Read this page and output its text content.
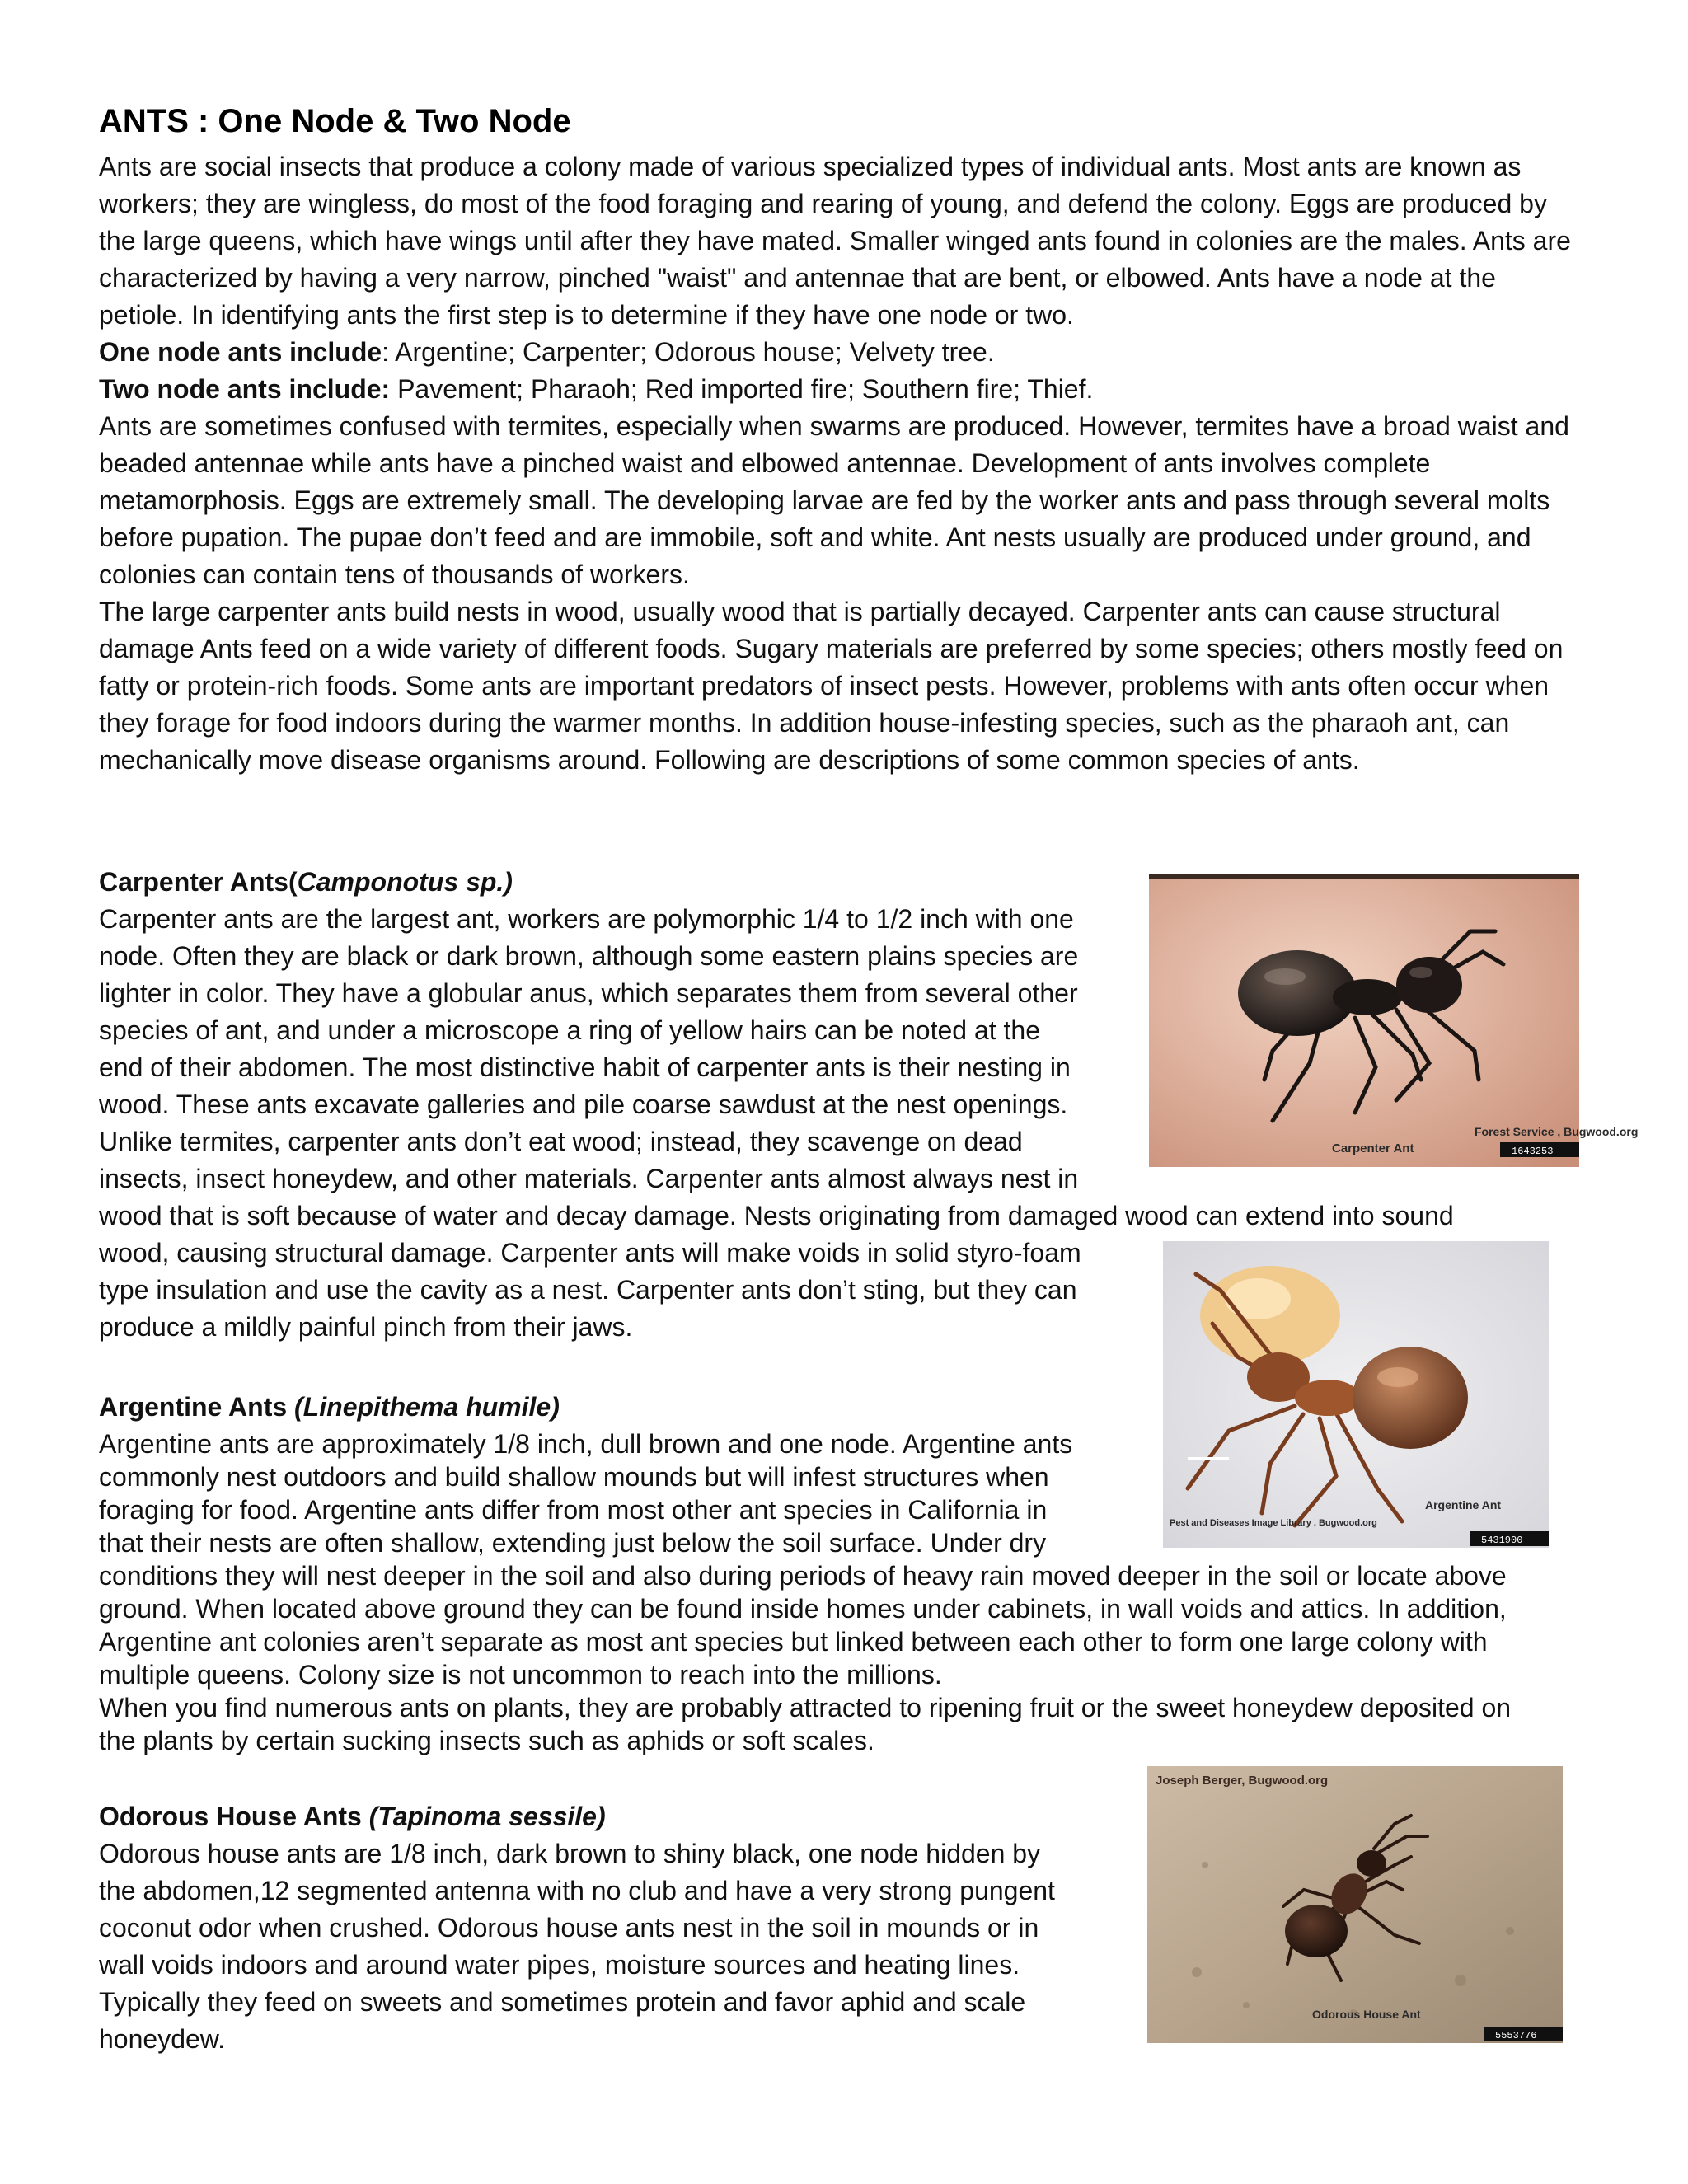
ANTS : One Node & Two Node

Ants are social insects that produce a colony made of various specialized types of individual ants. Most ants are known as workers; they are wingless, do most of the food foraging and rearing of young, and defend the colony. Eggs are produced by the large queens, which have wings until after they have mated. Smaller winged ants found in colonies are the males. Ants are characterized by having a very narrow, pinched "waist" and antennae that are bent, or elbowed. Ants have a node at the petiole. In identifying ants the first step is to determine if they have one node or two.

One node ants include: Argentine; Carpenter; Odorous house; Velvety tree.

Two node ants include: Pavement; Pharaoh; Red imported fire; Southern fire; Thief.

Ants are sometimes confused with termites, especially when swarms are produced. However, termites have a broad waist and beaded antennae while ants have a pinched waist and elbowed antennae. Development of ants involves complete metamorphosis. Eggs are extremely small. The developing larvae are fed by the worker ants and pass through several molts before pupation. The pupae don’t feed and are immobile, soft and white. Ant nests usually are produced under ground, and colonies can contain tens of thousands of workers.

The large carpenter ants build nests in wood, usually wood that is partially decayed. Carpenter ants can cause structural damage Ants feed on a wide variety of different foods. Sugary materials are preferred by some species; others mostly feed on fatty or protein-rich foods. Some ants are important predators of insect pests. However, problems with ants often occur when they forage for food indoors during the warmer months. In addition house-infesting species, such as the pharaoh ant, can mechanically move disease organisms around. Following are descriptions of some common species of ants.

Carpenter Ants(Camponotus sp.)

Carpenter ants are the largest ant, workers are polymorphic 1/4 to 1/2 inch with one

node. Often they are black or dark brown, although some eastern plains species are

lighter in color. They have a globular anus, which separates them from several other

species of ant, and under a microscope a ring of yellow hairs can be noted at the

end of their abdomen. The most distinctive habit of carpenter ants is their nesting in

wood. These ants excavate galleries and pile coarse sawdust at the nest openings.

Unlike termites, carpenter ants don’t eat wood; instead, they scavenge on dead

insects, insect honeydew, and other materials. Carpenter ants almost always nest in

wood that is soft because of water and decay damage. Nests originating from damaged wood can extend into sound

wood, causing structural damage. Carpenter ants will make voids in solid styro-foam

type insulation and use the cavity as a nest. Carpenter ants don’t sting, but they can

produce a mildly painful pinch from their jaws.

Forest Service , Bugwood.org
Carpenter Ant	1643253

Argentine Ants (Linepithema humile)

Argentine ants are approximately 1/8 inch, dull brown and one node. Argentine ants

commonly nest outdoors and build shallow mounds but will infest structures when

foraging for food. Argentine ants differ from most other ant species in California in

that their nests are often shallow, extending just below the soil surface. Under dry

conditions they will nest deeper in the soil and also during periods of heavy rain moved deeper in the soil or locate above

ground. When located above ground they can be found inside homes under cabinets, in wall voids and attics. In addition,

Argentine ant colonies aren’t separate as most ant species but linked between each other to form one large colony with

multiple queens. Colony size is not uncommon to reach into the millions.

When you find numerous ants on plants, they are probably attracted to ripening fruit or the sweet honeydew deposited on

the plants by certain sucking insects such as aphids or soft scales.

Argentine Ant
Pest and Diseases Image Library , Bugwood.org
5431900

Odorous House Ants (Tapinoma sessile)

Odorous house ants are 1/8 inch, dark brown to shiny black, one node hidden by

the abdomen,12 segmented antenna with no club and have a very strong pungent

coconut odor when crushed. Odorous house ants nest in the soil in mounds or in

wall voids indoors and around water pipes, moisture sources and heating lines.

Typically they feed on sweets and sometimes protein and favor aphid and scale

honeydew.

Joseph Berger, Bugwood.org
Odorous House Ant
5553776
